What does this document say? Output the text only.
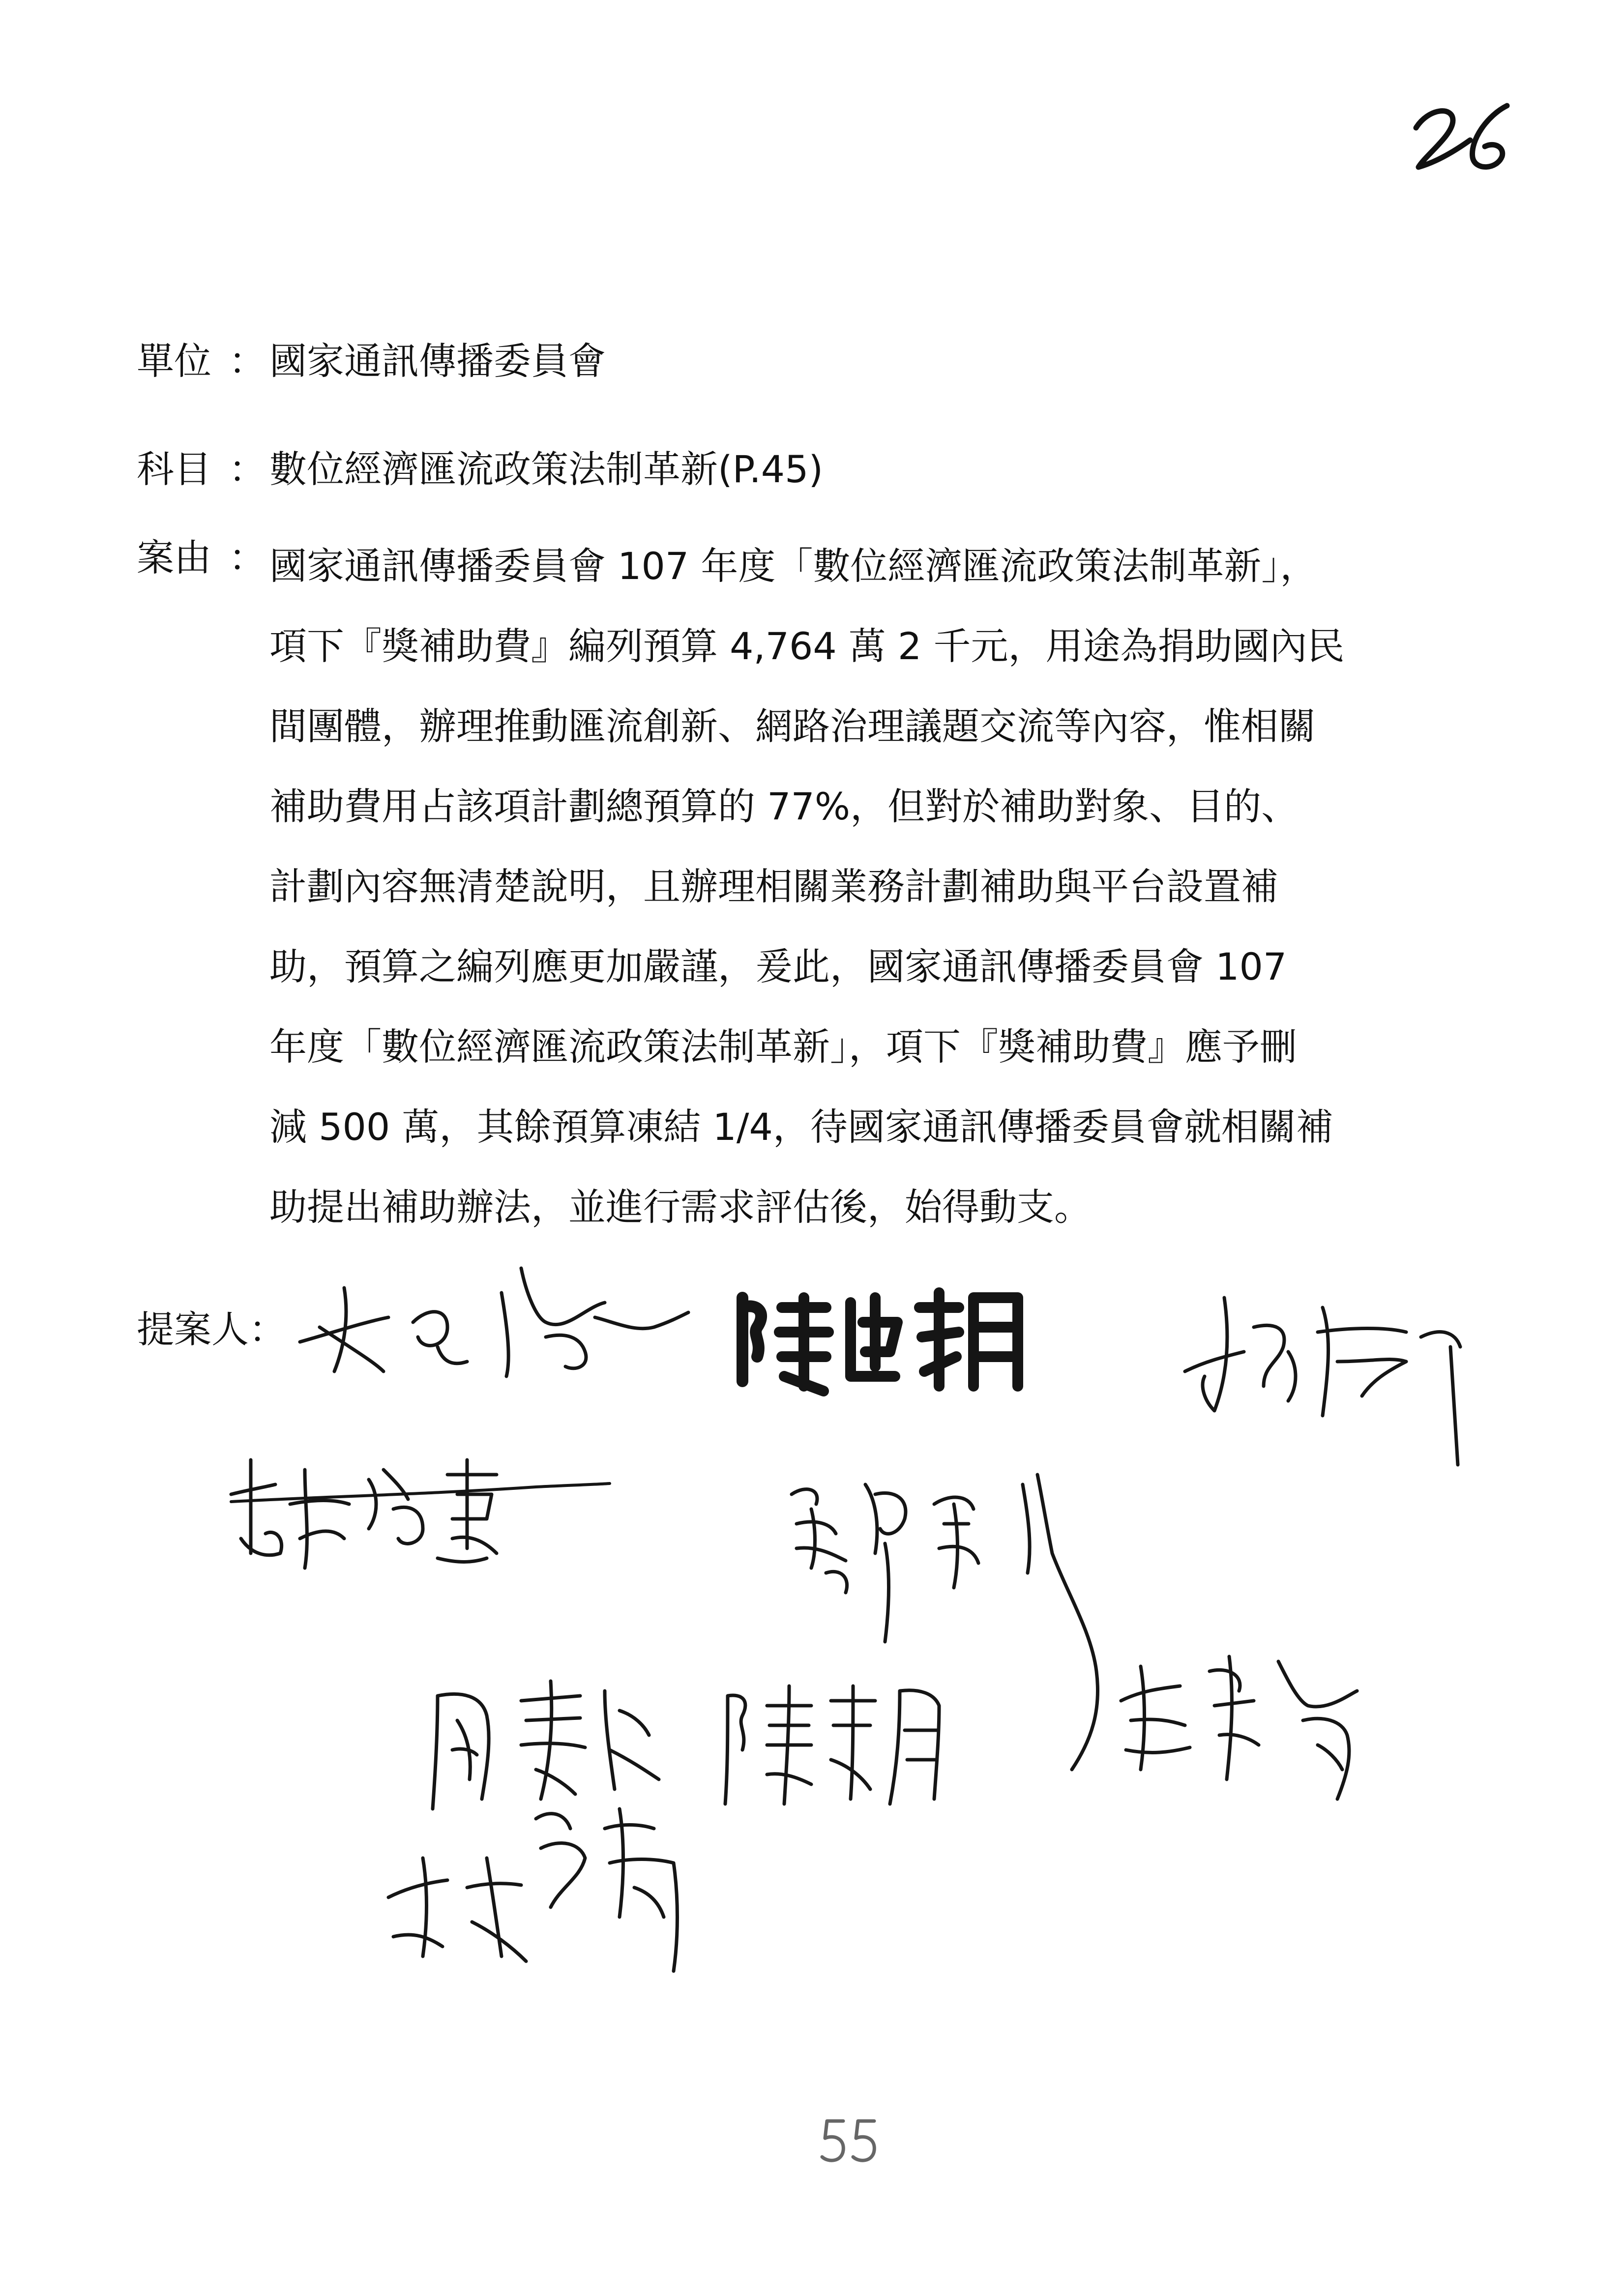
單位 ：國家通訊傳播委員會
科目 ：數位經濟匯流政策法制革新(P.45)
案由 ： 國家通訊傳播委員會 107 年度「數位經濟匯流政策法制革新」，
項下『獎補助費』編列預算 4,764 萬 2 千元，用途為捐助國內民
間團體，辦理推動匯流創新、網路治理議題交流等內容，惟相關
補助費用占該項計劃總預算的 77%，但對於補助對象、目的、
計劃內容無清楚說明，且辦理相關業務計劃補助與平台設置補
助，預算之編列應更加嚴謹，爰此，國家通訊傳播委員會 107
年度「數位經濟匯流政策法制革新」，項下『獎補助費』應予刪
減 500 萬，其餘預算凍結 1/4，待國家通訊傳播委員會就相關補
助提出補助辦法，並進行需求評估後，始得動支。
提案人：
